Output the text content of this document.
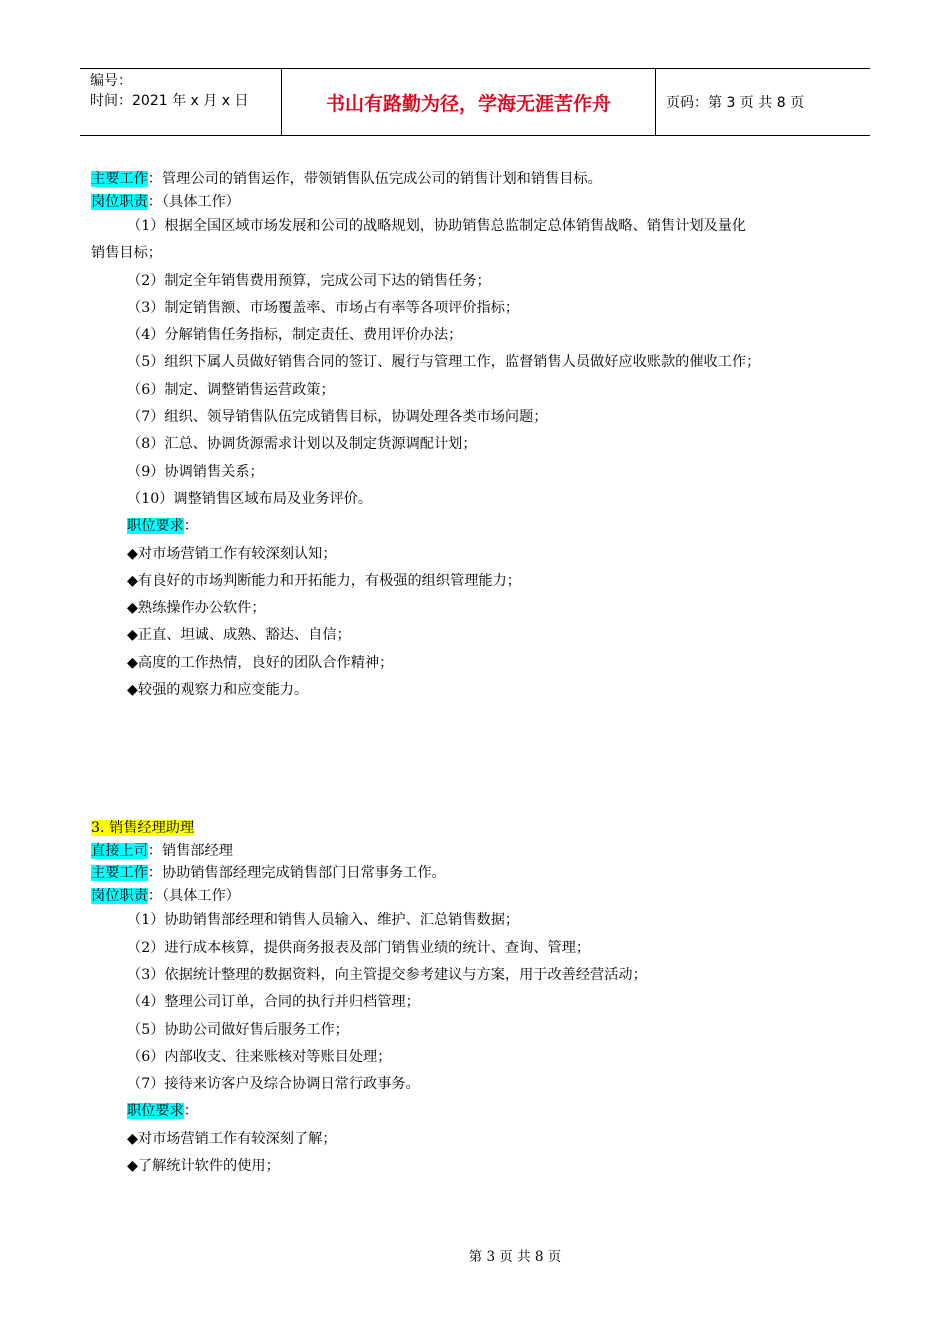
编号：
时间：2021 年 x 月 x 日	书山有路勤为径，学海无涯苦作舟	页码：第 3 页 共 8 页
主要工作：管理公司的销售运作，带领销售队伍完成公司的销售计划和销售目标。
岗位职责：（具体工作）
（1）根据全国区域市场发展和公司的战略规划，协助销售总监制定总体销售战略、销售计划及量化
销售目标；
（2）制定全年销售费用预算，完成公司下达的销售任务；
（3）制定销售额、市场覆盖率、市场占有率等各项评价指标；
（4）分解销售任务指标，制定责任、费用评价办法；
（5）组织下属人员做好销售合同的签订、履行与管理工作，监督销售人员做好应收账款的催收工作；
（6）制定、调整销售运营政策；
（7）组织、领导销售队伍完成销售目标，协调处理各类市场问题；
（8）汇总、协调货源需求计划以及制定货源调配计划；
（9）协调销售关系；
（10）调整销售区域布局及业务评价。
职位要求：
◆对市场营销工作有较深刻认知；
◆有良好的市场判断能力和开拓能力，有极强的组织管理能力；
◆熟练操作办公软件；
◆正直、坦诚、成熟、豁达、自信；
◆高度的工作热情，良好的团队合作精神；
◆较强的观察力和应变能力。
3. 销售经理助理
直接上司：销售部经理
主要工作：协助销售部经理完成销售部门日常事务工作。
岗位职责：（具体工作）
（1）协助销售部经理和销售人员输入、维护、汇总销售数据；
（2）进行成本核算，提供商务报表及部门销售业绩的统计、查询、管理；
（3）依据统计整理的数据资料，向主管提交参考建议与方案，用于改善经营活动；
（4）整理公司订单，合同的执行并归档管理；
（5）协助公司做好售后服务工作；
（6）内部收支、往来账核对等账目处理；
（7）接待来访客户及综合协调日常行政事务。
职位要求：
◆对市场营销工作有较深刻了解；
◆了解统计软件的使用；
第 3 页 共 8 页
